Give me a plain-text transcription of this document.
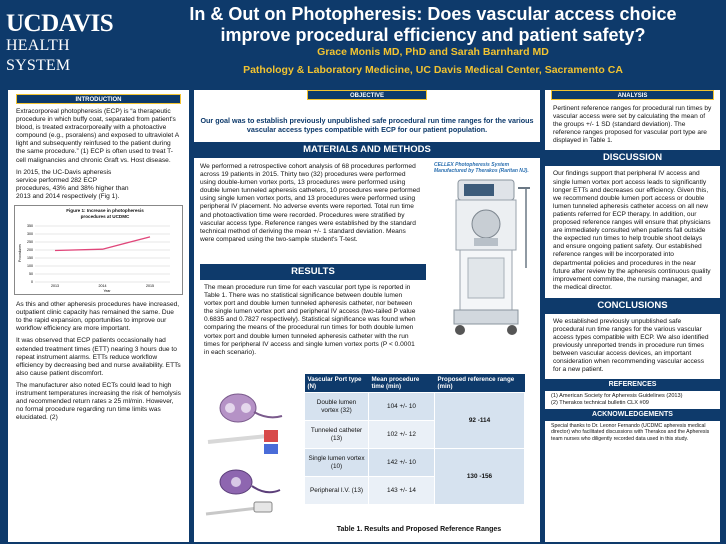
UCDAVIS
HEALTH SYSTEM
In & Out on Photopheresis: Does vascular access choice
improve procedural efficiency and patient safety?
Grace Monis MD, PhD and Sarah Barnhard MD
Pathology & Laboratory Medicine, UC Davis Medical Center, Sacramento CA
INTRODUCTION

Extracorporeal photopheresis (ECP) is “a therapeutic procedure in which buffy coat, separated from patient's blood, is treated extracorporeally with a photoactive compound (e.g., psoralens) and exposed to ultraviolet A light and subsequently reinfused to the patient during the same procedure.” (1) ECP is often used to treat T-cell malignancies and chronic Graft vs. Host disease.

In 2015, the UC-Davis apheresis service performed 282 ECP procedures, 43% and 38% higher than 2013 and 2014 respectively (Fig 1).

Figure 1: Increase in photopheresis
procedures at UCDMC
0
50
100
150
200
250
300
350
2013	2014	2015
Procedures
Year

As this and other apheresis procedures have increased, outpatient clinic capacity has remained the same. Due to the rapid expansion, opportunities to improve our workflow efficiency are more important.

It was observed that ECP patients occasionally had extended treatment times (ETT) nearing 3 hours due to repeat instrument alarms. ETTs reduce workflow efficiency by decreasing bed and nurse availability. ETTs also cause patient discomfort.

The manufacturer also noted ECTs could lead to high instrument temperatures increasing the risk of hemolysis and recommended return rates ≥ 25 ml/min. However, no formal procedure regarding run time limits was elucidated. (2)

OBJECTIVE
Our goal was to establish previously unpublished safe procedural run time ranges for the various vascular access types compatible with ECP for our patient population.
MATERIALS AND METHODS
We performed a retrospective cohort analysis of 68 procedures performed across 19 patients in 2015. Thirty two (32) procedures were performed using double-lumen vortex ports, 13 procedures were performed using double lumen tunneled apheresis catheters, 10 procedures were performed using single lumen vortex ports, and 13 procedures were performed using peripheral IV placement. No adverse events were reported. Total run time and photoactivation time were recorded. Procedures were stratified by vascular access type. Reference ranges were established by the standard technical method of deriving the mean +/- 1 standard deviation. Means were compared using the two-sample student's T-test.
CELLEX Photopheresis System Manufactured by Therakos (Raritan NJ).
RESULTS
The mean procedure run time for each vascular port type is reported in Table 1. There was no statistical significance between double lumen vortex port and double lumen tunneled apheresis catheter, nor between the single lumen vortex port and peripheral IV access (two-tailed P value 0.6835 and 0.7827 respectively). Statistical significance was found when comparing the means of the procedural run times for both double lumen vortex port and double lumen tunneled apheresis catheter with the run times for peripheral IV access and single lumen vortex ports (P < 0.0001 in each scenario).
Vascular Port type (N)	Mean procedure time (min)	Proposed reference range (min)
Double lumen vortex (32)	104 +/- 10	92 -114
Tunneled catheter (13)	102 +/- 12	
Single lumen vortex (10)	142 +/- 10	130 -156
Peripheral I.V. (13)	143 +/- 14	
Table 1. Results and Proposed Reference Ranges
ANALYSIS
Pertinent reference ranges for procedural run times by vascular access were set by calculating the mean of the groups +/- 1 SD (standard deviation). The reference ranges proposed for vascular port type are displayed in Table 1.
DISCUSSION
Our findings support that peripheral IV access and single lumen vortex port access leads to significantly longer ETTs and decreases our efficiency. Given this, we recommend double lumen port access or double lumen tunneled apheresis catheter access on all new patients referred for ECP therapy. In addition, our proposed reference ranges will ensure that physicians are immediately consulted when patients fall outside the expected run times to help trouble shoot delays and ensure ongoing patient safety. Our established reference ranges will be incorporated into departmental policies and procedures in the near future after review by the apheresis continuous quality improvement committee, the nursing manager, and the medical director.
CONCLUSIONS
We established previously unpublished safe procedural run time ranges for the various vascular access types compatible with ECP. We also identified previously unreported trends in procedure run times between vascular access devices, an important consideration when recommending vascular access for a new patient.
REFERENCES
(1) American Society for Apheresis Guidelines (2013)
(2) Therakos technical bulletin CLX #09
ACKNOWLEDGEMENTS
Special thanks to Dr. Leonor Fernando (UCDMC apheresis medical director) who facilitated discussions with Therakos and the Apheresis team nurses who diligently recorded data used in this study.
